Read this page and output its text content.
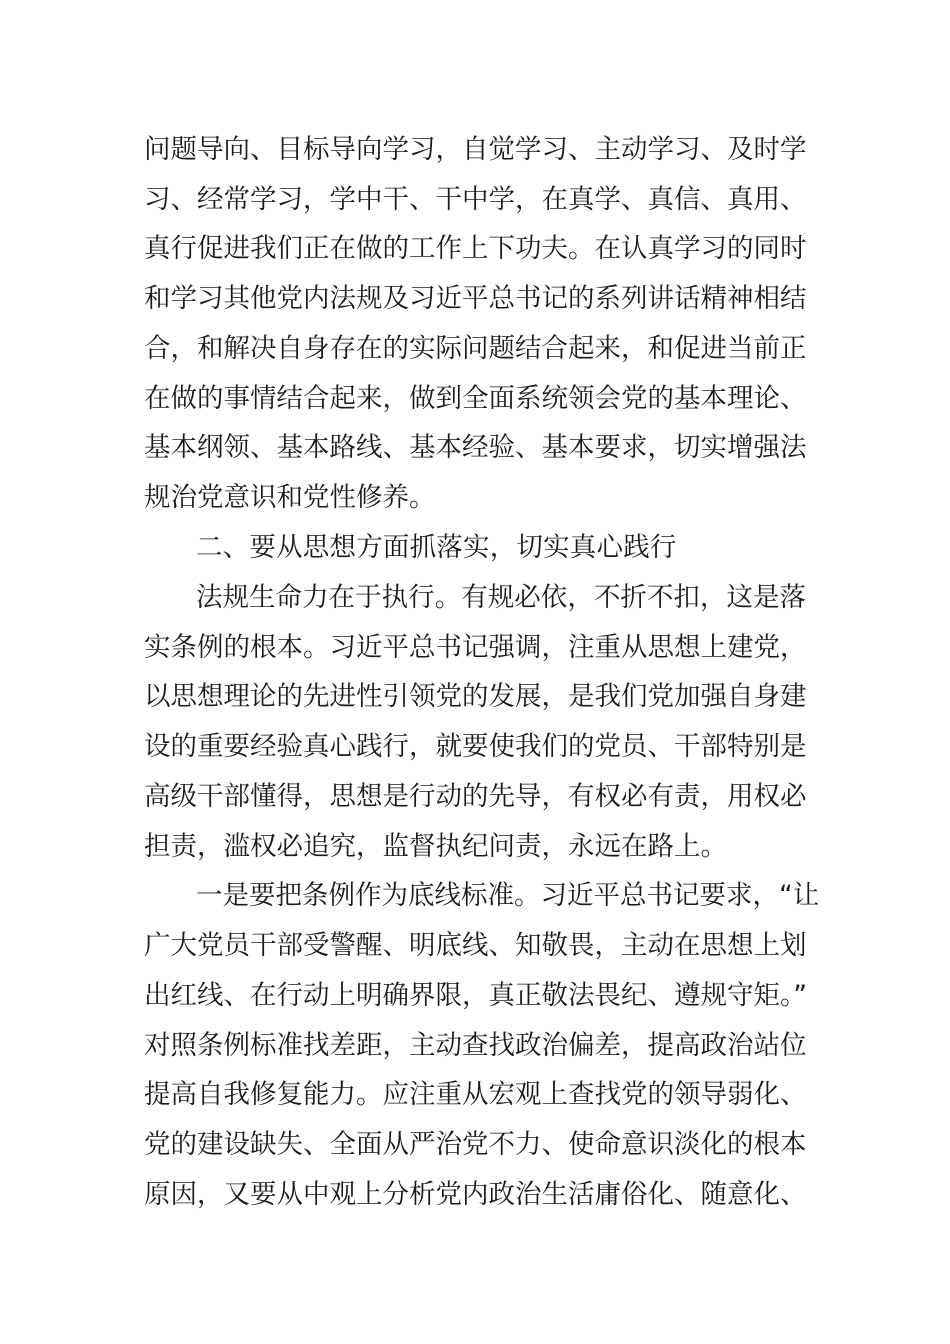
问题导向、目标导向学习，自觉学习、主动学习、及时学
习、经常学习，学中干、干中学，在真学、真信、真用、
真行促进我们正在做的工作上下功夫。在认真学习的同时
和学习其他党内法规及习近平总书记的系列讲话精神相结
合，和解决自身存在的实际问题结合起来，和促进当前正
在做的事情结合起来，做到全面系统领会党的基本理论、
基本纲领、基本路线、基本经验、基本要求，切实增强法
规治党意识和党性修养。
二、要从思想方面抓落实，切实真心践行
法规生命力在于执行。有规必依，不折不扣，这是落
实条例的根本。习近平总书记强调，注重从思想上建党，
以思想理论的先进性引领党的发展，是我们党加强自身建
设的重要经验真心践行，就要使我们的党员、干部特别是
高级干部懂得，思想是行动的先导，有权必有责，用权必
担责，滥权必追究，监督执纪问责，永远在路上。
一是要把条例作为底线标准。习近平总书记要求，“让
广大党员干部受警醒、明底线、知敬畏，主动在思想上划
出红线、在行动上明确界限，真正敬法畏纪、遵规守矩。”
对照条例标准找差距，主动查找政治偏差，提高政治站位
提高自我修复能力。应注重从宏观上查找党的领导弱化、
党的建设缺失、全面从严治党不力、使命意识淡化的根本
原因，又要从中观上分析党内政治生活庸俗化、随意化、
